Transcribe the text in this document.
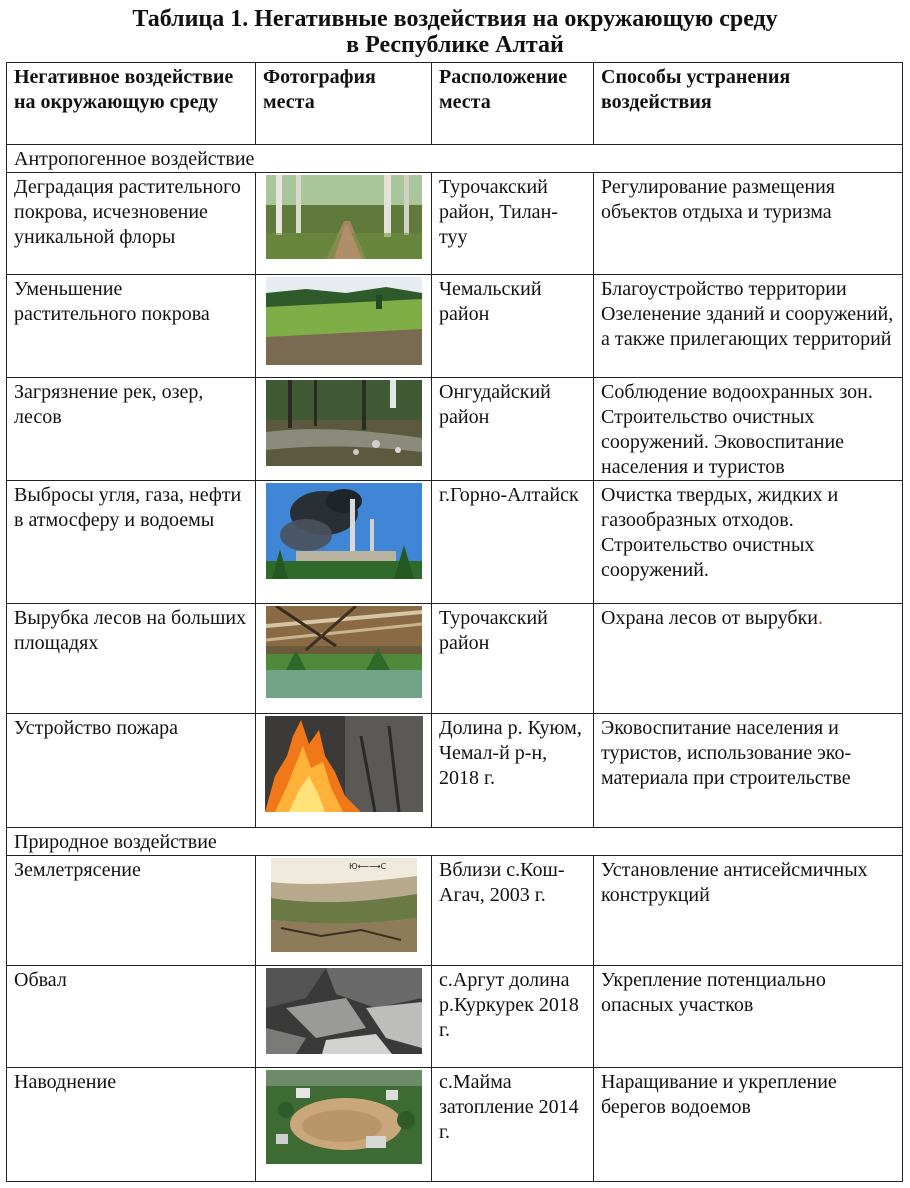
Таблица 1. Негативные воздействия на окружающую среду
в Республике Алтай
Негативное воздействие на окружающую среду	Фотография места	Расположение места	Способы устранения воздействия
Антропогенное воздействие			
Деградация растительного покрова, исчезновение уникальной флоры		Турочакский район, Тилан-туу	Регулирование размещения объектов отдыха и туризма
Уменьшение растительного покрова		Чемальский район	Благоустройство территории Озеленение зданий и сооружений, а также прилегающих территорий
Загрязнение рек, озер, лесов		Онгудайский район	Соблюдение водоохранных зон. Строительство очистных сооружений. Эковоспитание населения и туристов
Выбросы угля, газа, нефти в атмосферу и водоемы		г.Горно-Алтайск	Очистка твердых, жидких и газообразных отходов. Строительство очистных сооружений.
Вырубка лесов на больших площадях		Турочакский район	Охрана лесов от вырубки.
Устройство пожара		Долина р. Куюм, Чемал-й р-н, 2018 г.	Эковоспитание населения и туристов, использование эко-материала при строительстве
Природное воздействие			
Землетрясение	Ю⟵⟶С	Вблизи с.Кош-Агач, 2003 г.	Установление антисейсмичных конструкций
Обвал		с.Аргут долина р.Куркурек 2018 г.	Укрепление потенциально опасных участков
Наводнение		с.Майма затопление 2014 г.	Наращивание и укрепление берегов водоемов
